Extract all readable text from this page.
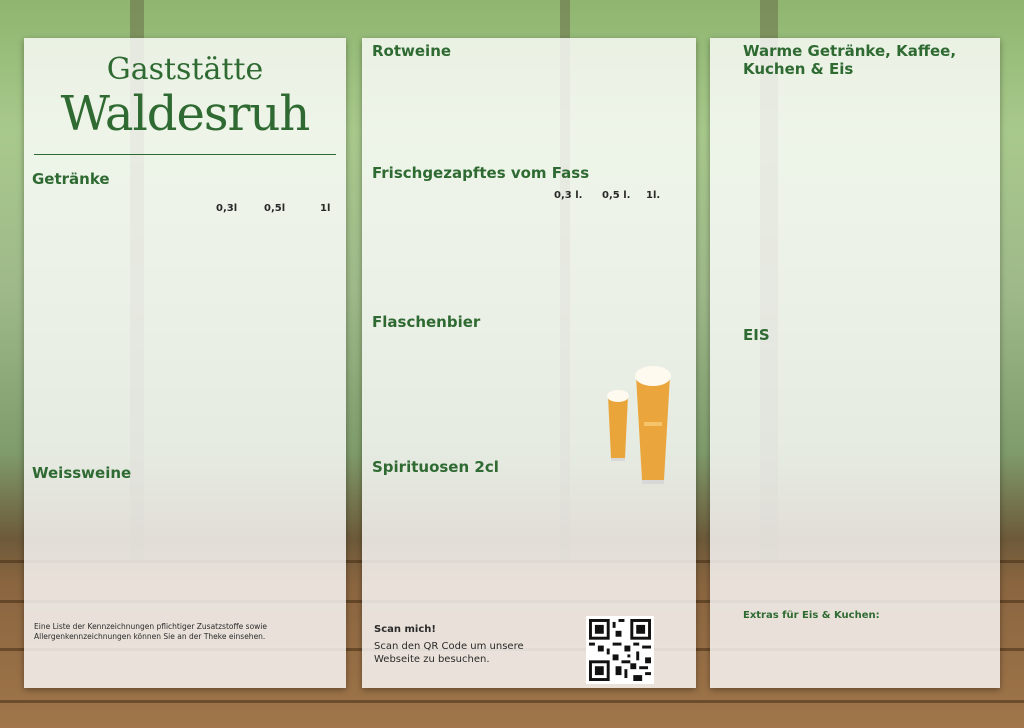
Gaststätte
Waldesruh
Getränke
0,3l	0,5l	1l
Weissweine
Eine Liste der Kennzeichnungen pflichtiger Zusatzstoffe sowie Allergenkennzeichnungen können Sie an der Theke einsehen.
Rotweine
Frischgezapftes vom Fass
0,3 l. 0,5 l. 1l.
Flaschenbier
Spirituosen 2cl
Scan mich!
Scan den QR Code um unsere Webseite zu besuchen.
Warme Getränke, Kaffee, Kuchen & Eis
EIS
Extras für Eis & Kuchen:
